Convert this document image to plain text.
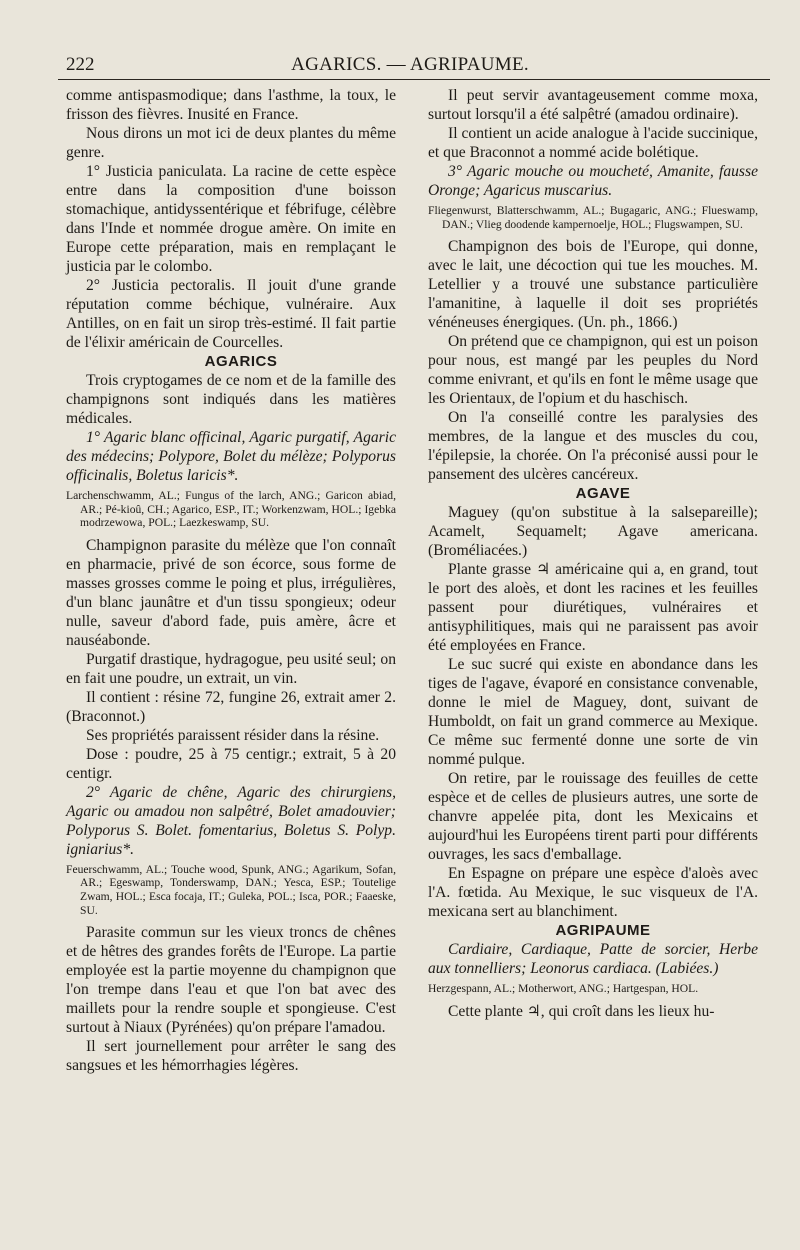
222	AGARICS. — AGRIPAUME.

comme antispasmodique; dans l'asthme, la toux, le frisson des fièvres. Inusité en France.

Nous dirons un mot ici de deux plantes du même genre.

1° Justicia paniculata. La racine de cette espèce entre dans la composition d'une boisson stomachique, antidyssentérique et fébrifuge, célèbre dans l'Inde et nommée drogue amère. On imite en Europe cette préparation, mais en remplaçant le justicia par le colombo.

2° Justicia pectoralis. Il jouit d'une grande réputation comme béchique, vulnéraire. Aux Antilles, on en fait un sirop très-estimé. Il fait partie de l'élixir américain de Courcelles.

AGARICS

Trois cryptogames de ce nom et de la famille des champignons sont indiqués dans les matières médicales.

1° Agaric blanc officinal, Agaric purgatif, Agaric des médecins; Polypore, Bolet du mélèze; Polyporus officinalis, Boletus laricis*.

Larchenschwamm, AL.; Fungus of the larch, ANG.; Garicon abiad, AR.; Pé-kioû, CH.; Agarico, ESP., IT.; Workenzwam, HOL.; Igebka modrzewowa, POL.; Laezkeswamp, SU.

Champignon parasite du mélèze que l'on connaît en pharmacie, privé de son écorce, sous forme de masses grosses comme le poing et plus, irrégulières, d'un blanc jaunâtre et d'un tissu spongieux; odeur nulle, saveur d'abord fade, puis amère, âcre et nauséabonde.

Purgatif drastique, hydragogue, peu usité seul; on en fait une poudre, un extrait, un vin.

Il contient : résine 72, fungine 26, extrait amer 2. (Braconnot.)

Ses propriétés paraissent résider dans la résine.

Dose : poudre, 25 à 75 centigr.; extrait, 5 à 20 centigr.

2° Agaric de chêne, Agaric des chirurgiens, Agaric ou amadou non salpêtré, Bolet amadouvier; Polyporus S. Bolet. fomentarius, Boletus S. Polyp. igniarius*.

Feuerschwamm, AL.; Touche wood, Spunk, ANG.; Agarikum, Sofan, AR.; Egeswamp, Tonderswamp, DAN.; Yesca, ESP.; Toutelige Zwam, HOL.; Esca focaja, IT.; Guleka, POL.; Isca, POR.; Faaeske, SU.

Parasite commun sur les vieux troncs de chênes et de hêtres des grandes forêts de l'Europe. La partie employée est la partie moyenne du champignon que l'on trempe dans l'eau et que l'on bat avec des maillets pour la rendre souple et spongieuse. C'est surtout à Niaux (Pyrénées) qu'on prépare l'amadou.

Il sert journellement pour arrêter le sang des sangsues et les hémorrhagies légères.

Il peut servir avantageusement comme moxa, surtout lorsqu'il a été salpêtré (amadou ordinaire).

Il contient un acide analogue à l'acide succinique, et que Braconnot a nommé acide bolétique.

3° Agaric mouche ou moucheté, Amanite, fausse Oronge; Agaricus muscarius.

Fliegenwurst, Blatterschwamm, AL.; Bugagaric, ANG.; Flueswamp, DAN.; Vlieg doodende kampernoelje, HOL.; Flugswampen, SU.

Champignon des bois de l'Europe, qui donne, avec le lait, une décoction qui tue les mouches. M. Letellier y a trouvé une substance particulière l'amanitine, à laquelle il doit ses propriétés vénéneuses énergiques. (Un. ph., 1866.)

On prétend que ce champignon, qui est un poison pour nous, est mangé par les peuples du Nord comme enivrant, et qu'ils en font le même usage que les Orientaux, de l'opium et du haschisch.

On l'a conseillé contre les paralysies des membres, de la langue et des muscles du cou, l'épilepsie, la chorée. On l'a préconisé aussi pour le pansement des ulcères cancéreux.

AGAVE

Maguey (qu'on substitue à la salsepareille); Acamelt, Sequamelt; Agave americana. (Broméliacées.)

Plante grasse ♃ américaine qui a, en grand, tout le port des aloès, et dont les racines et les feuilles passent pour diurétiques, vulnéraires et antisyphilitiques, mais qui ne paraissent pas avoir été employées en France.

Le suc sucré qui existe en abondance dans les tiges de l'agave, évaporé en consistance convenable, donne le miel de Maguey, dont, suivant de Humboldt, on fait un grand commerce au Mexique. Ce même suc fermenté donne une sorte de vin nommé pulque.

On retire, par le rouissage des feuilles de cette espèce et de celles de plusieurs autres, une sorte de chanvre appelée pita, dont les Mexicains et aujourd'hui les Européens tirent parti pour différents ouvrages, les sacs d'emballage.

En Espagne on prépare une espèce d'aloès avec l'A. fœtida. Au Mexique, le suc visqueux de l'A. mexicana sert au blanchiment.

AGRIPAUME

Cardiaire, Cardiaque, Patte de sorcier, Herbe aux tonnelliers; Leonorus cardiaca. (Labiées.)

Herzgespann, AL.; Motherwort, ANG.; Hartgespan, HOL.

Cette plante ♃, qui croît dans les lieux hu-
